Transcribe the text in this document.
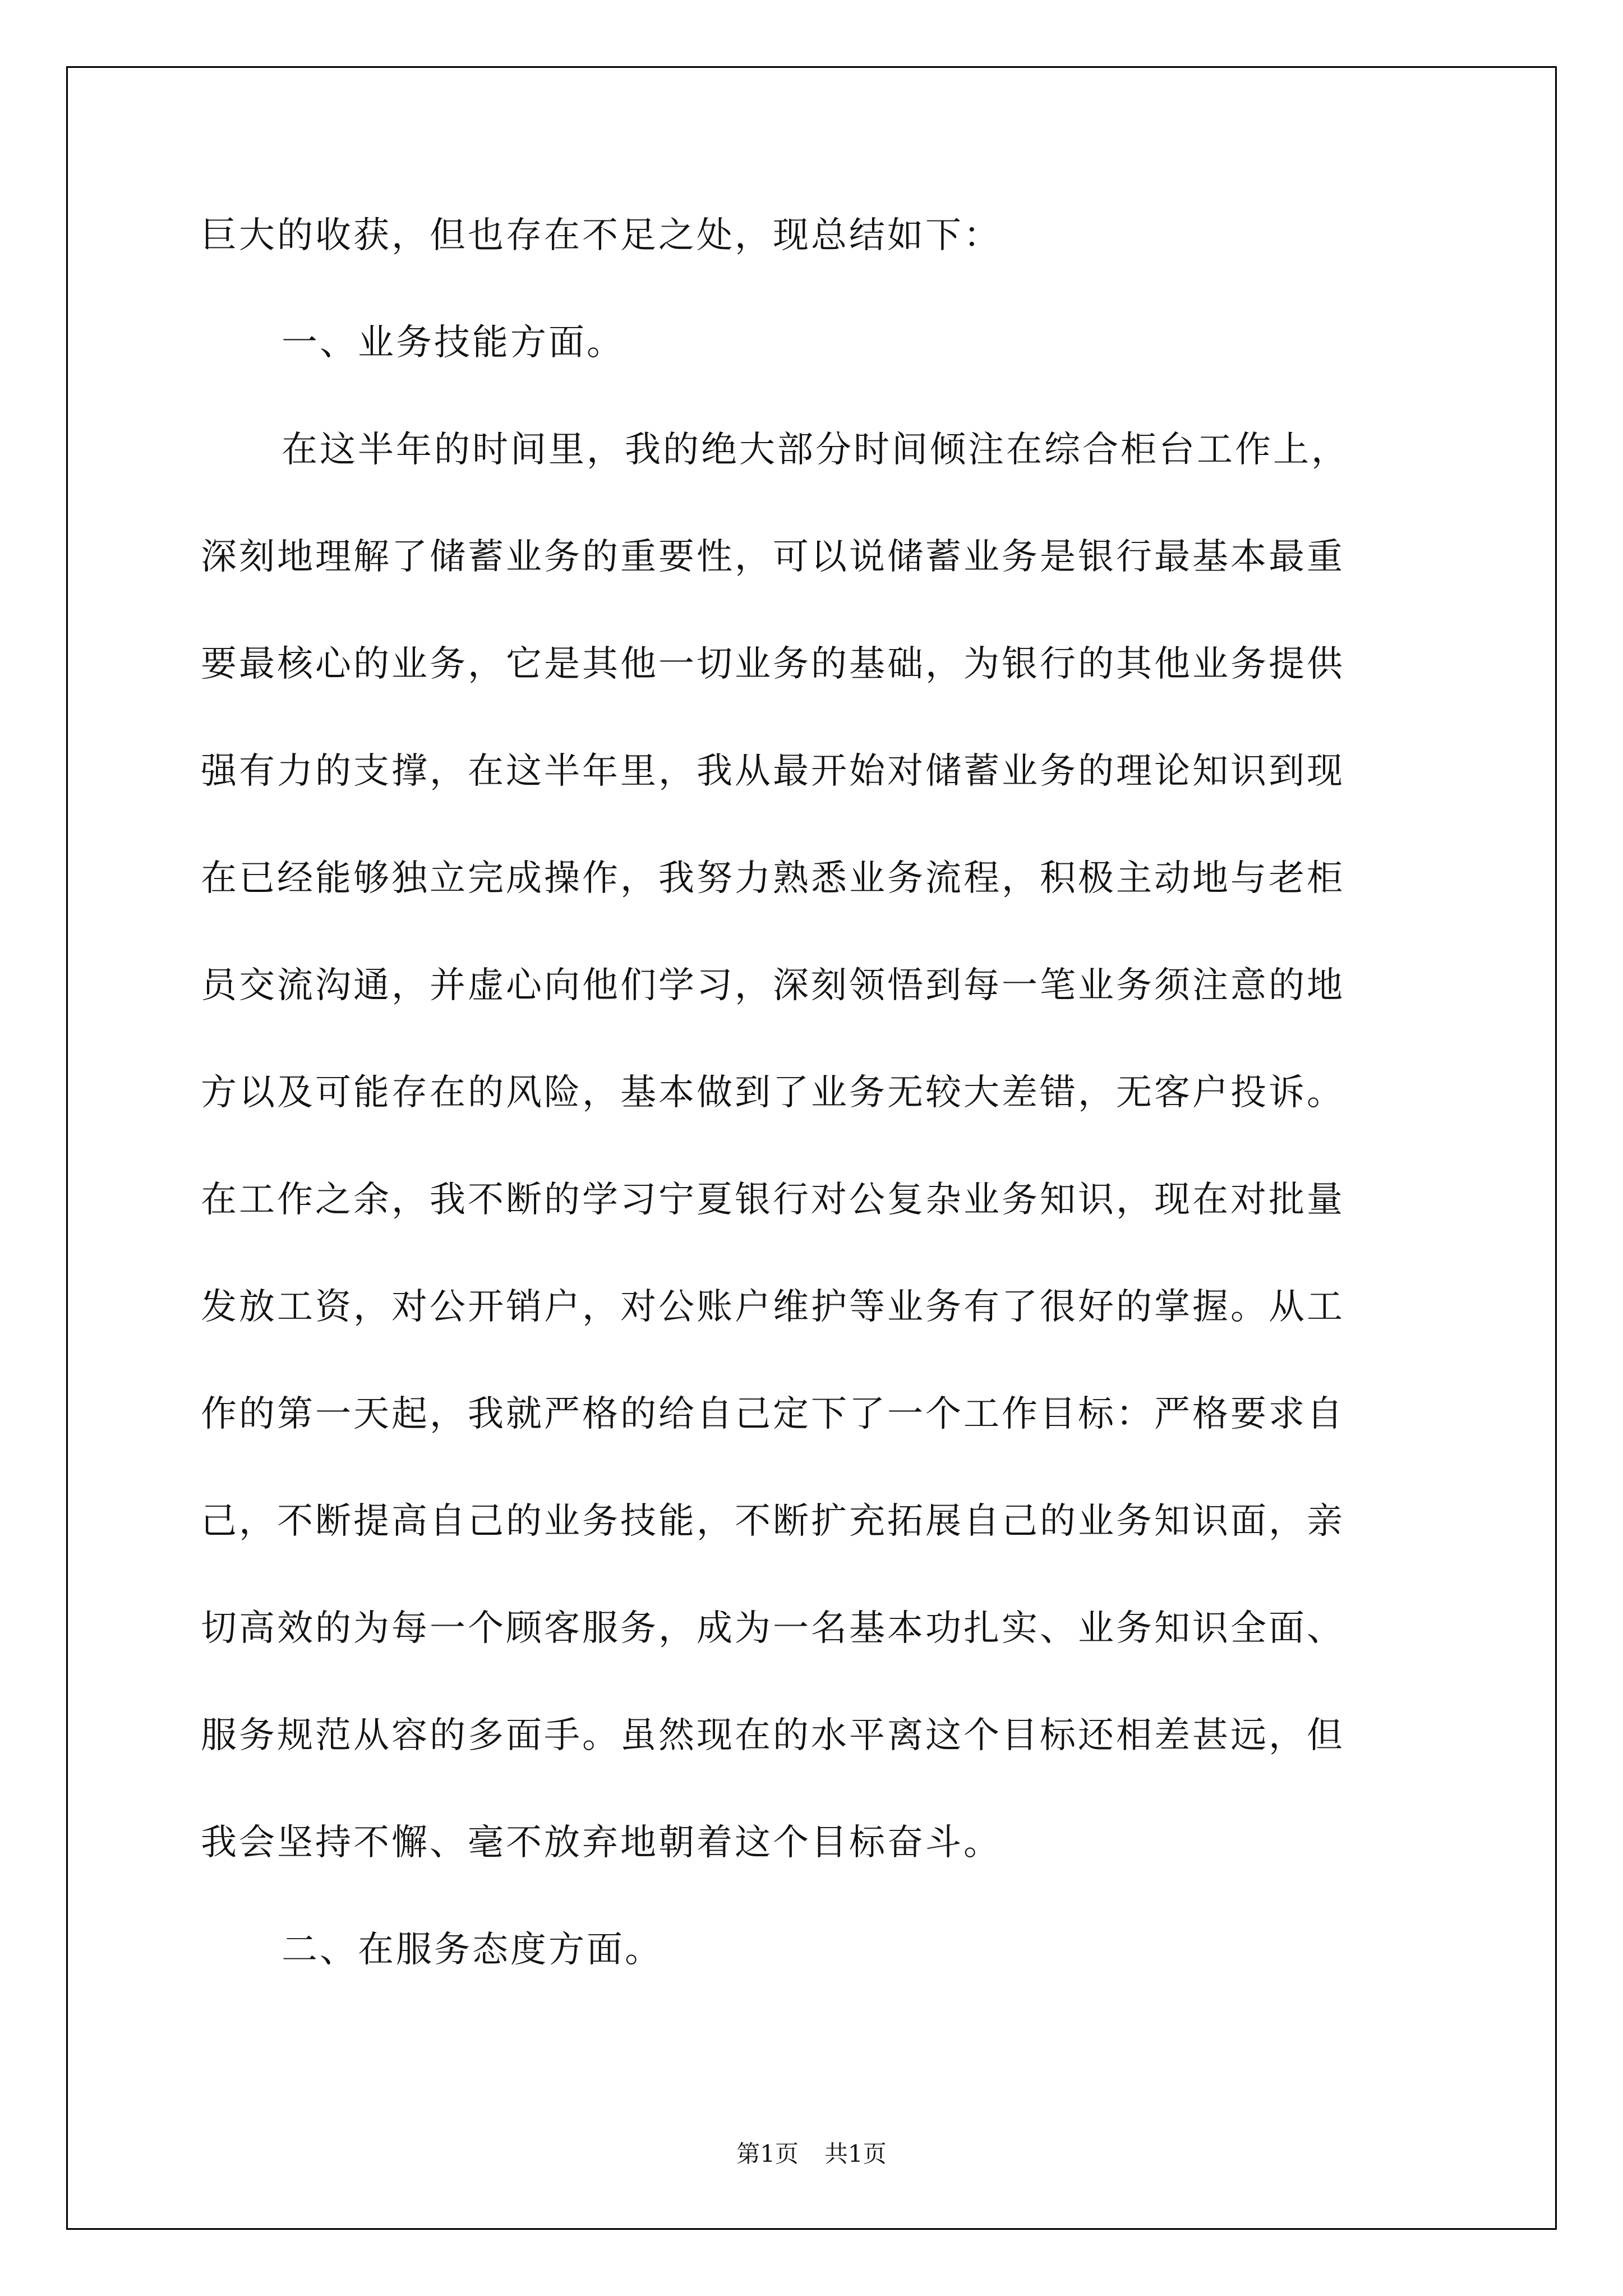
巨大的收获，但也存在不足之处，现总结如下：
一、业务技能方面。
在这半年的时间里，我的绝大部分时间倾注在综合柜台工作上，
深刻地理解了储蓄业务的重要性，可以说储蓄业务是银行最基本最重
要最核心的业务，它是其他一切业务的基础，为银行的其他业务提供
强有力的支撑，在这半年里，我从最开始对储蓄业务的理论知识到现
在已经能够独立完成操作，我努力熟悉业务流程，积极主动地与老柜
员交流沟通，并虚心向他们学习，深刻领悟到每一笔业务须注意的地
方以及可能存在的风险，基本做到了业务无较大差错，无客户投诉。
在工作之余，我不断的学习宁夏银行对公复杂业务知识，现在对批量
发放工资，对公开销户，对公账户维护等业务有了很好的掌握。从工
作的第一天起，我就严格的给自己定下了一个工作目标：严格要求自
己，不断提高自己的业务技能，不断扩充拓展自己的业务知识面，亲
切高效的为每一个顾客服务，成为一名基本功扎实、业务知识全面、
服务规范从容的多面手。虽然现在的水平离这个目标还相差甚远，但
我会坚持不懈、毫不放弃地朝着这个目标奋斗。
二、在服务态度方面。
第1页 共1页
